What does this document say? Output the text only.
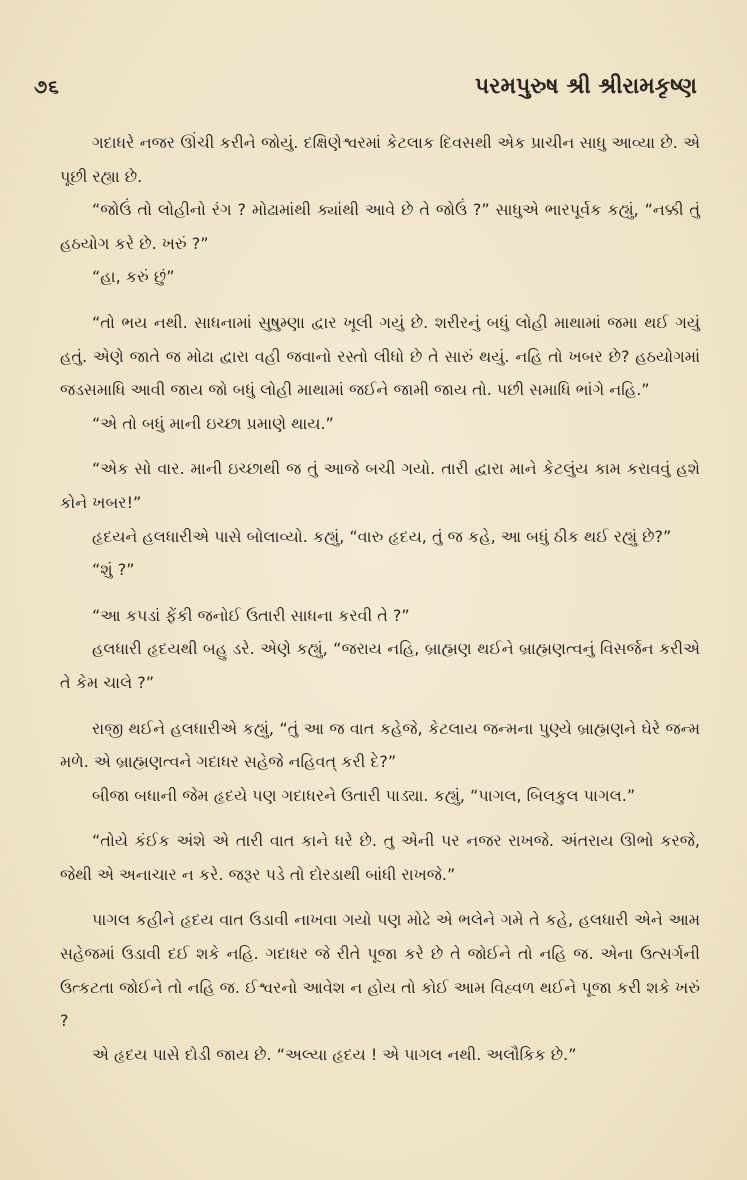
૭૬	પરમપુરુષ શ્રી શ્રીરામકૃષ્ણ

ગદાધરે નજર ઊંચી કરીને જોયું. દક્ષિણેશ્વરમાં કેટલાક દિવસથી એક પ્રાચીન સાધુ આવ્યા છે. એ પૂછી રહ્યા છે.

“જોઉં તો લોહીનો રંગ ? મોઢામાંથી ક્યાંથી આવે છે તે જોઉં ?” સાધુએ ભારપૂર્વક કહ્યું, “નક્કી તું હઠયોગ કરે છે. ખરું ?”

“હા, કરું છું”

“તો ભય નથી. સાધનામાં સુષુમ્ણા દ્વાર ખૂલી ગયું છે. શરીરનું બધું લોહી માથામાં જમા થઈ ગયું હતું. એણે જાતે જ મોઢા દ્વારા વહી જવાનો રસ્તો લીધો છે તે સારું થયું. નહિ તો ખબર છે? હઠયોગમાં જડસમાધિ આવી જાય જો બધું લોહી માથામાં જઈને જામી જાય તો. પછી સમાધિ ભાંગે નહિ.”

“એ તો બધું માની ઇચ્છા પ્રમાણે થાય.”

“એક સો વાર. માની ઇચ્છાથી જ તું આજે બચી ગયો. તારી દ્વારા માને કેટલુંય કામ કરાવવું હશે કોને ખબર!”

હૃદયને હલધારીએ પાસે બોલાવ્યો. કહ્યું, “વારુ હૃદય, તું જ કહે, આ બધું ઠીક થઈ રહ્યું છે?”

“શું ?”

“આ કપડાં ફેંકી જનોઈ ઉતારી સાધના કરવી તે ?”

હલધારી હૃદયથી બહુ ડરે. એણે કહ્યું, “જરાય નહિ, બ્રાહ્મણ થઈને બ્રાહ્મણત્વનું વિસર્જન કરીએ તે કેમ ચાલે ?”

રાજી થઈને હલધારીએ કહ્યું, “તું આ જ વાત કહેજે, કેટલાય જન્મના પુણ્યે બ્રાહ્મણને ઘેરે જન્મ મળે. એ બ્રાહ્મણત્વને ગદાધર સહેજે નહિવત્ કરી દે?”

બીજા બધાની જેમ હૃદયે પણ ગદાધરને ઉતારી પાડ્યા. કહ્યું, “પાગલ, બિલકુલ પાગલ.”

“તોયે કંઈક અંશે એ તારી વાત કાને ધરે છે. તુ એની પર નજર રાખજે. અંતરાય ઊભો કરજે, જેથી એ અનાચાર ન કરે. જરૂર પડે તો દોરડાથી બાંધી રાખજે.”

પાગલ કહીને હૃદય વાત ઉડાવી નાખવા ગયો પણ મોઢે એ ભલેને ગમે તે કહે, હલધારી એને આમ સહેજમાં ઉડાવી દઈ શકે નહિ. ગદાધર જે રીતે પૂજા કરે છે તે જોઈને તો નહિ જ. એના ઉત્સર્ગની ઉત્કટતા જોઈને તો નહિ જ. ઈશ્વરનો આવેશ ન હોય તો કોઈ આમ વિહ્વળ થઈને પૂજા કરી શકે ખરું ?

એ હૃદય પાસે દોડી જાય છે. “અલ્યા હૃદય ! એ પાગલ નથી. અલૌકિક છે.”
